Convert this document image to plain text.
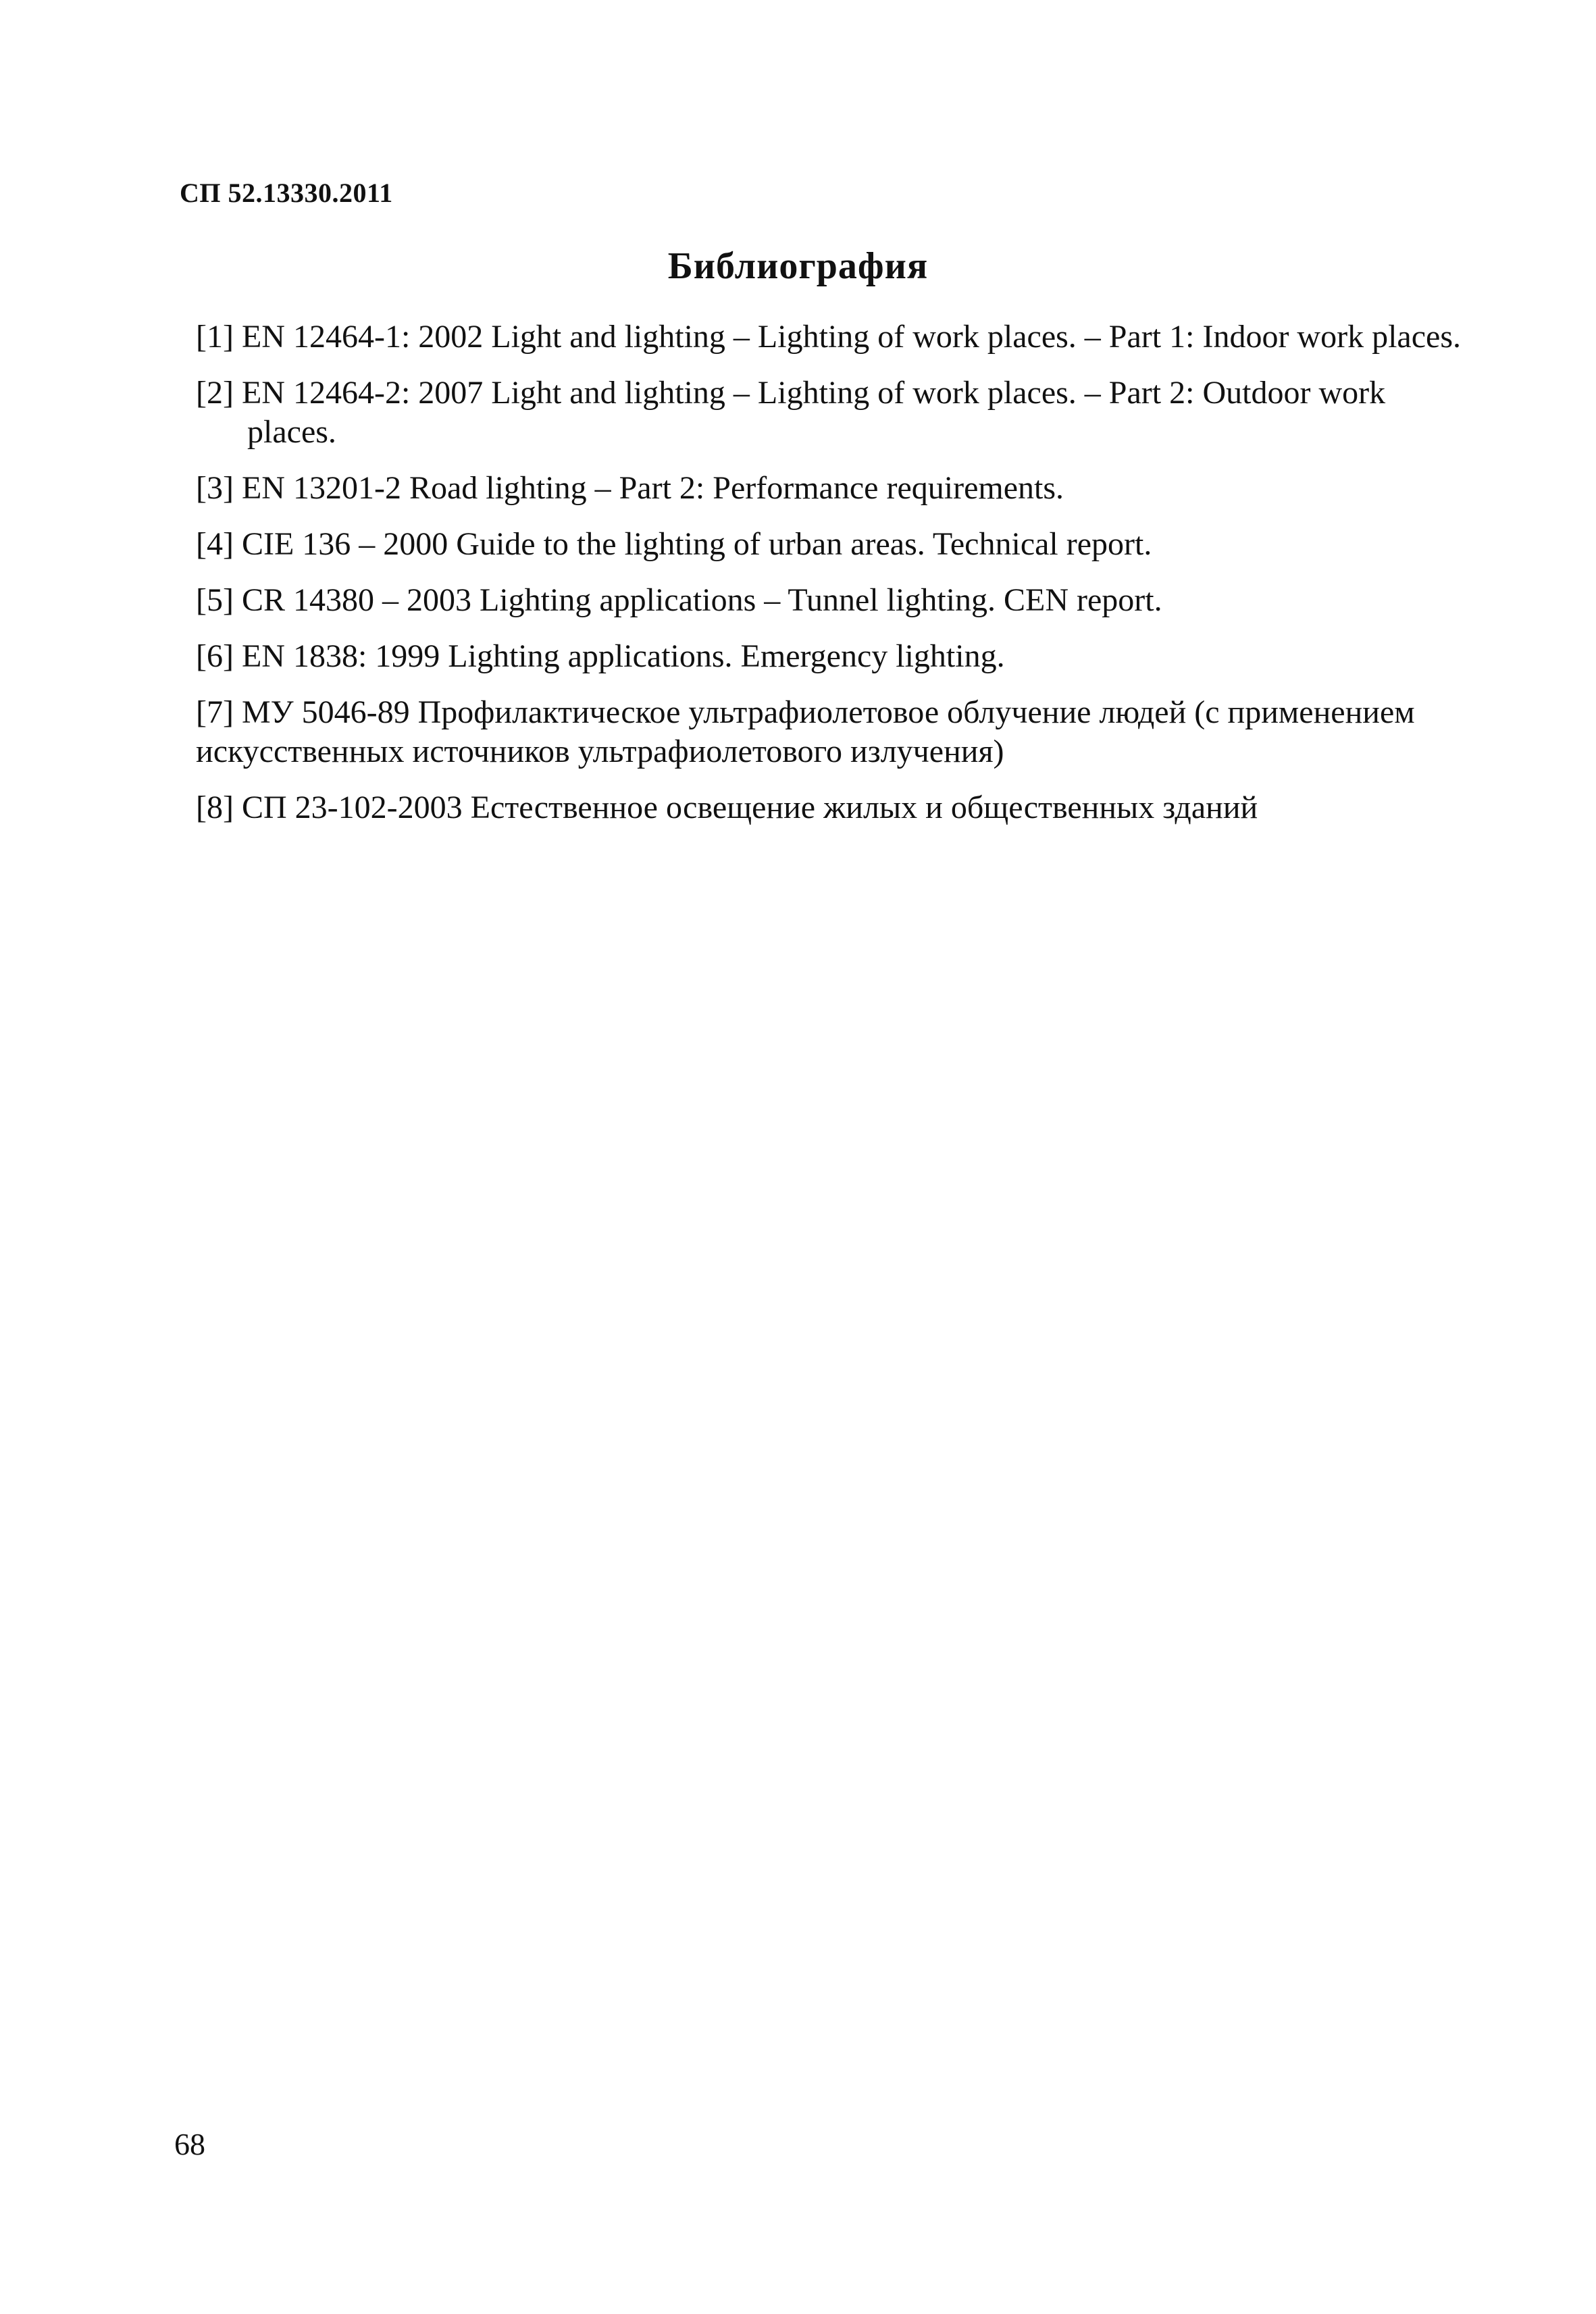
СП 52.13330.2011
Библиография
[1] EN 12464-1: 2002 Light and lighting – Lighting of work places. – Part 1: Indoor work places.
[2] EN 12464-2: 2007 Light and lighting – Lighting of work places. – Part 2: Outdoor work places.
[3] EN 13201-2 Road lighting – Part 2: Performance requirements.
[4] CIE 136 – 2000 Guide to the lighting of urban areas. Technical report.
[5] CR 14380 – 2003 Lighting applications – Tunnel lighting. CEN report.
[6] EN 1838: 1999 Lighting applications. Emergency lighting.
[7] МУ 5046-89 Профилактическое ультрафиолетовое облучение людей (с применением искусственных источников ультрафиолетового излучения)
[8] СП 23-102-2003 Естественное освещение жилых и общественных зданий
68
